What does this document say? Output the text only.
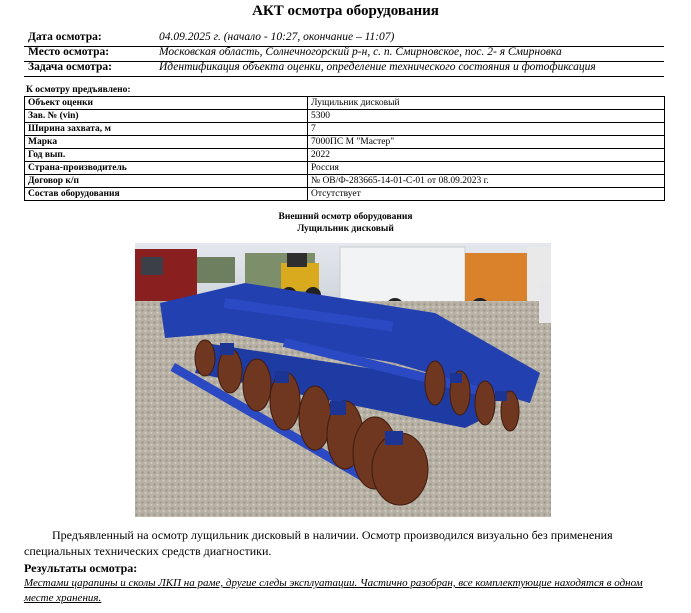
АКТ осмотра оборудования
Дата осмотра:	04.09.2025 г. (начало - 10:27, окончание – 11:07)
Место осмотра:	Московская область, Солнечногорский р-н, с. п. Смирновское, пос. 2- я Смирновка
Задача осмотра:	Идентификация объекта оценки, определение технического состояния и фотофиксация
К осмотру предъявлено:
Объект оценки	Лущильник дисковый
Зав. № (vin)	5300
Ширина захвата, м	7
Марка	7000ПС М "Мастер"
Год вып.	2022
Страна-производитель	Россия
Договор к/п	№ ОВ/Ф-283665-14-01-С-01 от 08.09.2023 г.
Состав оборудования	Отсутствует
Внешний осмотр оборудования
Лущильник дисковый
Предъявленный на осмотр лущильник дисковый в наличии. Осмотр производился визуально без применения специальных технических средств диагностики.
Результаты осмотра:
Местами царапины и сколы ЛКП на раме, другие следы эксплуатации. Частично разобран, все комплектующие находятся в одном месте хранения.
